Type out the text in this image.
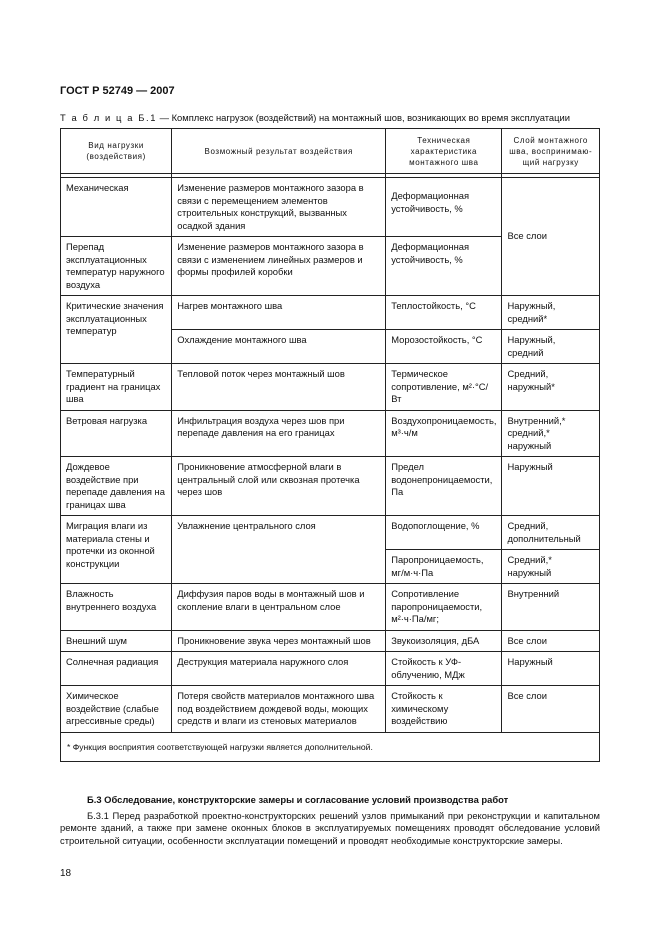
ГОСТ Р 52749 — 2007
Т а б л и ц а Б.1 — Комплекс нагрузок (воздействий) на монтажный шов, возникающих во время эксплуатации
Вид нагрузки (воздействия)	Возможный результат воздействия	Техническая характеристика монтажного шва	Слой монтажного шва, воспринимаю-щий нагрузку

Механическая	Изменение размеров монтажного зазора в связи с перемещением элементов строительных конструкций, вызванных осадкой здания	Деформационная устойчивость, %	Все слои
Перепад эксплуатационных температур наружного воздуха	Изменение размеров монтажного зазора в связи с изменением линейных размеров и формы профилей коробки	Деформационная устойчивость, %	
Критические значения эксплуатационных температур	Нагрев монтажного шва	Теплостойкость, °С	Наружный, средний*
	Охлаждение монтажного шва	Морозостойкость, °С	Наружный, средний
Температурный градиент на границах шва	Тепловой поток через монтажный шов	Термическое сопротивление, м²·°С/Вт	Средний, наружный*
Ветровая нагрузка	Инфильтрация воздуха через шов при перепаде давления на его границах	Воздухопроницаемость, м³·ч/м	Внутренний,* средний,* наружный
Дождевое воздействие при перепаде давления на границах шва	Проникновение атмосферной влаги в центральный слой или сквозная протечка через шов	Предел водонепроницаемости, Па	Наружный
Миграция влаги из материала стены и протечки из оконной конструкции	Увлажнение центрального слоя	Водопоглощение, %	Средний, дополнительный
		Паропроницаемость, мг/м·ч·Па	Средний,* наружный
Влажность внутреннего воздуха	Диффузия паров воды в монтажный шов и скопление влаги в центральном слое	Сопротивление паропроницаемости, м²·ч·Па/мг;	Внутренний
Внешний шум	Проникновение звука через монтажный шов	Звукоизоляция, дБА	Все слои
Солнечная радиация	Деструкция материала наружного слоя	Стойкость к УФ-облучению, МДж	Наружный
Химическое воздействие (слабые агрессивные среды)	Потеря свойств материалов монтажного шва под воздействием дождевой воды, моющих средств и влаги из стеновых материалов	Стойкость к химическому воздействию	Все слои
* Функция восприятия соответствующей нагрузки является дополнительной.			
Б.3 Обследование, конструкторские замеры и согласование условий производства работ

Б.3.1 Перед разработкой проектно-конструкторских решений узлов примыканий при реконструкции и капитальном ремонте зданий, а также при замене оконных блоков в эксплуатируемых помещениях проводят обследование условий строительной ситуации, особенности эксплуатации помещений и проводят необходимые конструкторские замеры.

18
